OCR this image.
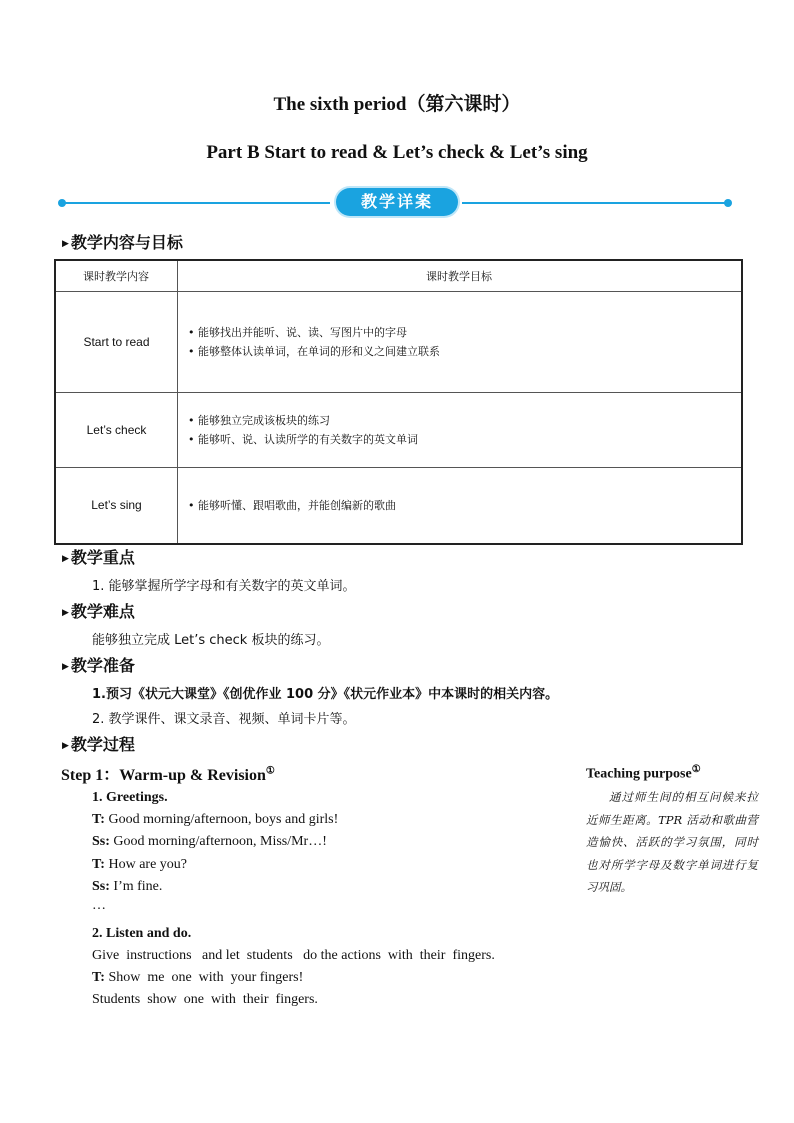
The sixth period（第六课时）
Part B Start to read & Let’s check & Let’s sing
教学详案
▶ 教学内容与目标
课时教学内容	课时教学目标
Start to read	• 能够找出并能听、说、读、写图片中的字母
• 能够整体认读单词，在单词的形和义之间建立联系

Let’s check	• 能够独立完成该板块的练习
• 能够听、说、认读所学的有关数字的英文单词

Let’s sing	• 能够听懂、跟唱歌曲，并能创编新的歌曲
▶ 教学重点
1. 能够掌握所学字母和有关数字的英文单词。
▶ 教学难点
能够独立完成 Let’s check 板块的练习。
▶ 教学准备
1.预习《状元大课堂》《创优作业 100 分》《状元作业本》中本课时的相关内容。
2. 教学课件、课文录音、视频、单词卡片等。
▶ 教学过程
Step 1：Warm-up & Revision①
1. Greetings.
T: Good morning/afternoon, boys and girls!
Ss: Good morning/afternoon, Miss/Mr…!
T: How are you?
Ss: I’m fine.
…
2. Listen and do.
Give  instructions   and let  students   do the actions  with  their  fingers.
T: Show  me  one  with  your fingers!
Students  show  one  with  their  fingers.
Teaching purpose①
通过师生间的相互问候来拉近师生距离。TPR 活动和歌曲营造愉快、活跃的学习氛围，同时也对所学字母及数字单词进行复习巩固。
